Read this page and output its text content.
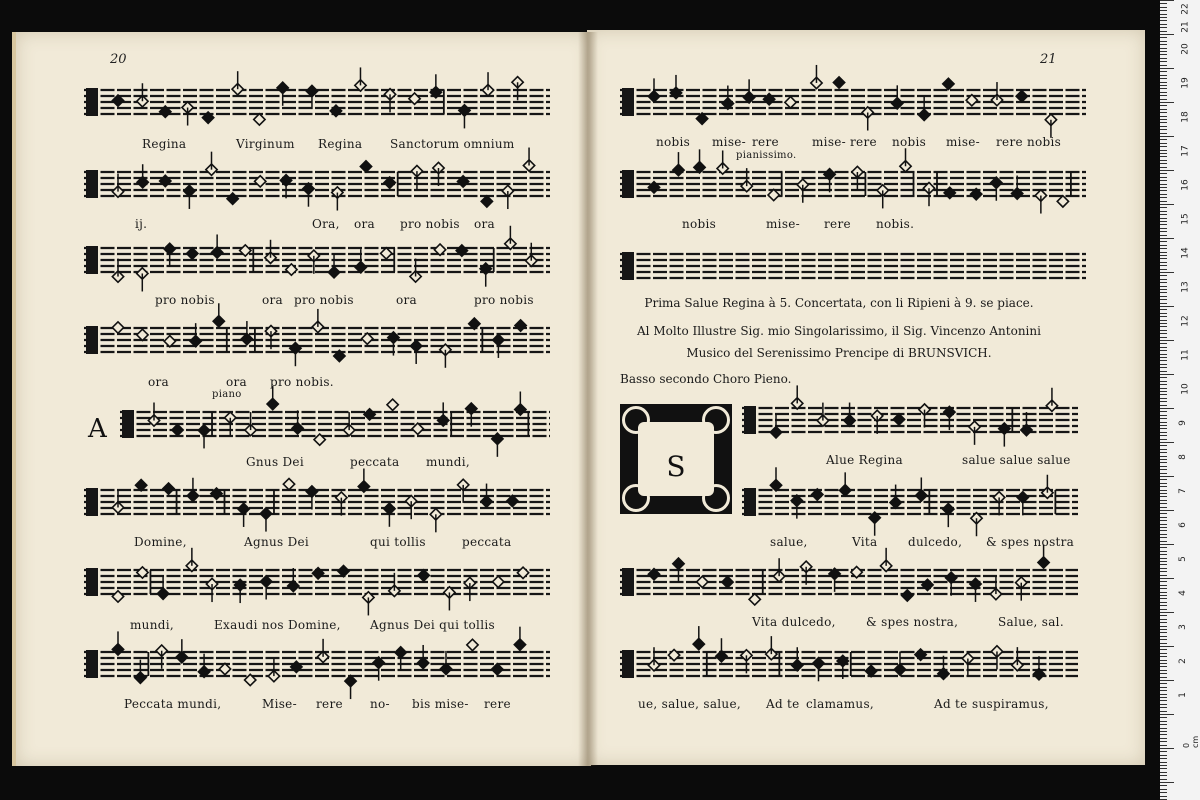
20	21
Regina	Virginum Regina Sanctorum omnium
ij.	Ora, ora pro nobis ora
pro nobis	ora pro nobis	ora	pro nobis
ora	ora pro nobis.
piano
A
Gnus Dei	peccata mundi,
Domine,	Agnus Dei	qui tollis	peccata
mundi,	Exaudi nos Domine, Agnus Dei qui tollis
Peccata mundi,	Mise- rere no- bis mise- rere
nobis mise- rere	mise- rere nobis mise- rere nobis
pianissimo.
nobis	mise- rere nobis.
Prima Salue Regina à 5. Concertata, con li Ripieni à 9. se piace.
Al Molto Illustre Sig. mio Singolarissimo, il Sig. Vincenzo Antonini
Musico del Serenissimo Prencipe di BRUNSVICH.
Basso secondo Choro Pieno.
S	Alue Regina	salue salue salue
salue,	Vita	dulcedo, & spes nostra
Vita dulcedo,	& spes nostra,	Salue, sal.
ue, salue, salue, Ad te clamamus,	Ad te suspiramus,
0 cm
1
2
3
4
5
6
7
8
9
10
11
12
13
14
15
16
17
18
19
20
21
22
